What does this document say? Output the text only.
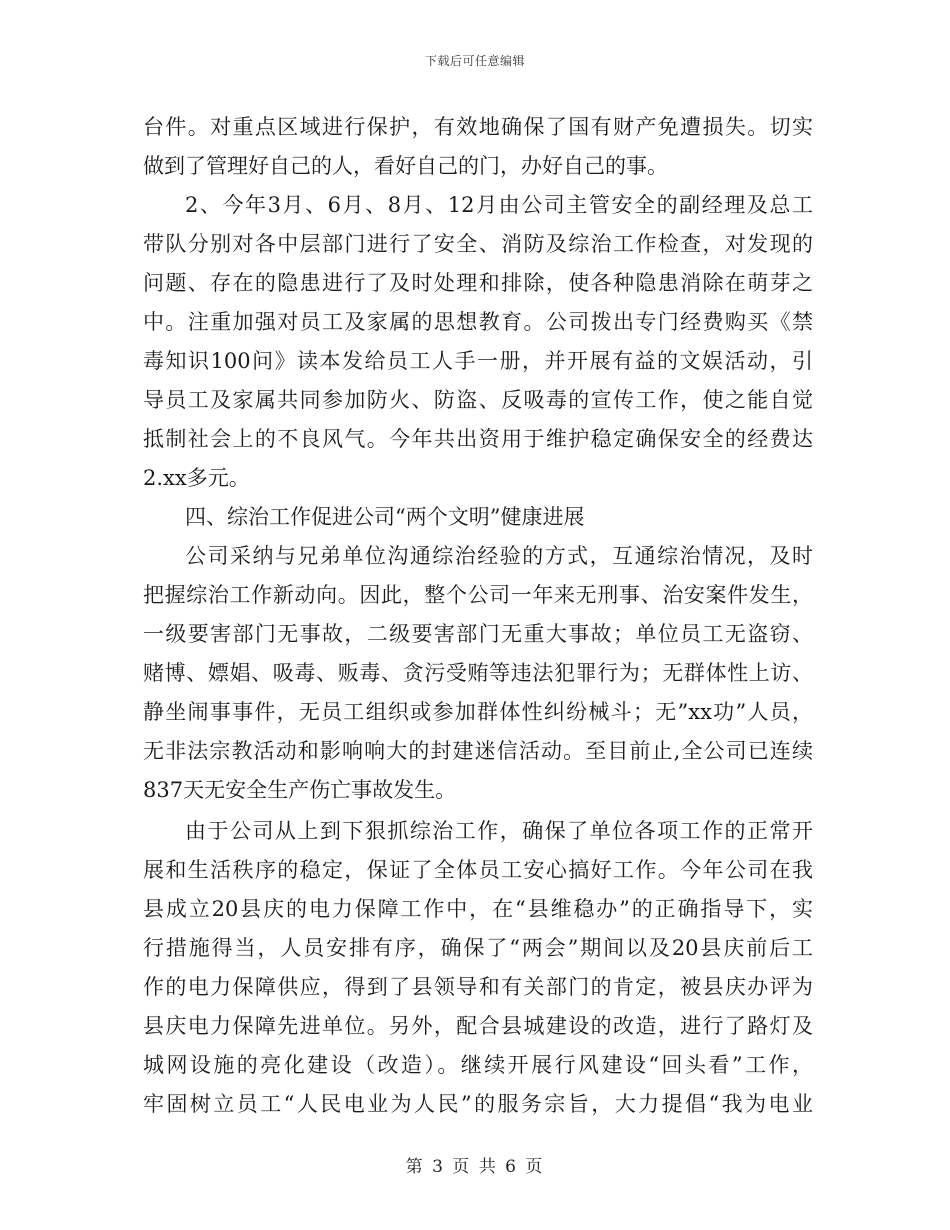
下载后可任意编辑
台件。对重点区域进行保护，有效地确保了国有财产免遭损失。切实
做到了管理好自己的人，看好自己的门，办好自己的事。
2、今年3月、6月、8月、12月由公司主管安全的副经理及总工
带队分别对各中层部门进行了安全、消防及综治工作检查，对发现的
问题、存在的隐患进行了及时处理和排除，使各种隐患消除在萌芽之
中。注重加强对员工及家属的思想教育。公司拨出专门经费购买《禁
毒知识100问》读本发给员工人手一册，并开展有益的文娱活动，引
导员工及家属共同参加防火、防盗、反吸毒的宣传工作，使之能自觉
抵制社会上的不良风气。今年共出资用于维护稳定确保安全的经费达
2.xx多元。
四、综治工作促进公司“两个文明”健康进展
公司采纳与兄弟单位沟通综治经验的方式，互通综治情况，及时
把握综治工作新动向。因此，整个公司一年来无刑事、治安案件发生，
一级要害部门无事故，二级要害部门无重大事故；单位员工无盗窃、
赌博、嫖娼、吸毒、贩毒、贪污受贿等违法犯罪行为；无群体性上访、
静坐闹事事件，无员工组织或参加群体性纠纷械斗；无”xx功”人员，
无非法宗教活动和影响响大的封建迷信活动。至目前止,全公司已连续
837天无安全生产伤亡事故发生。
由于公司从上到下狠抓综治工作，确保了单位各项工作的正常开
展和生活秩序的稳定，保证了全体员工安心搞好工作。今年公司在我
县成立20县庆的电力保障工作中，在“县维稳办”的正确指导下，实
行措施得当，人员安排有序，确保了“两会”期间以及20县庆前后工
作的电力保障供应，得到了县领导和有关部门的肯定，被县庆办评为
县庆电力保障先进单位。另外，配合县城建设的改造，进行了路灯及
城网设施的亮化建设（改造）。继续开展行风建设“回头看”工作，
牢固树立员工“人民电业为人民”的服务宗旨，大力提倡“我为电业
第 3 页 共 6 页
